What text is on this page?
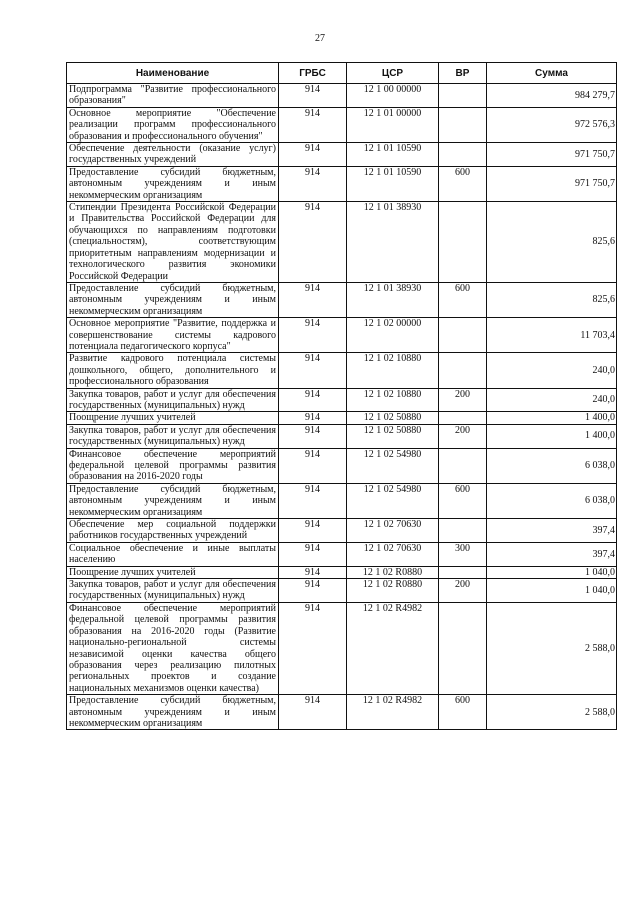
27
Наименование	ГРБС	ЦСР	ВР	Сумма
Подпрограмма "Развитие профессионального образования"	914	12 1 00 00000		984 279,7
Основное мероприятие "Обеспечение реализации программ профессионального образования и профессионального обучения"	914	12 1 01 00000		972 576,3
Обеспечение деятельности (оказание услуг) государственных учреждений	914	12 1 01 10590		971 750,7
Предоставление субсидий бюджетным, автономным учреждениям и иным некоммерческим организациям	914	12 1 01 10590	600	971 750,7
Стипендии Президента Российской Федерации и Правительства Российской Федерации для обучающихся по направлениям подготовки (специальностям), соответствующим приоритетным направлениям модернизации и технологического развития экономики Российской Федерации	914	12 1 01 38930		825,6
Предоставление субсидий бюджетным, автономным учреждениям и иным некоммерческим организациям	914	12 1 01 38930	600	825,6
Основное мероприятие "Развитие, поддержка и совершенствование системы кадрового потенциала педагогического корпуса"	914	12 1 02 00000		11 703,4
Развитие кадрового потенциала системы дошкольного, общего, дополнительного и профессионального образования	914	12 1 02 10880		240,0
Закупка товаров, работ и услуг для обеспечения государственных (муниципальных) нужд	914	12 1 02 10880	200	240,0
Поощрение лучших учителей	914	12 1 02 50880		1 400,0
Закупка товаров, работ и услуг для обеспечения государственных (муниципальных) нужд	914	12 1 02 50880	200	1 400,0
Финансовое обеспечение мероприятий федеральной целевой программы развития образования на 2016-2020 годы	914	12 1 02 54980		6 038,0
Предоставление субсидий бюджетным, автономным учреждениям и иным некоммерческим организациям	914	12 1 02 54980	600	6 038,0
Обеспечение мер социальной поддержки работников государственных учреждений	914	12 1 02 70630		397,4
Социальное обеспечение и иные выплаты населению	914	12 1 02 70630	300	397,4
Поощрение лучших учителей	914	12 1 02 R0880		1 040,0
Закупка товаров, работ и услуг для обеспечения государственных (муниципальных) нужд	914	12 1 02 R0880	200	1 040,0
Финансовое обеспечение мероприятий федеральной целевой программы развития образования на 2016-2020 годы (Развитие национально-региональной системы независимой оценки качества общего образования через реализацию пилотных региональных проектов и создание национальных механизмов оценки качества)	914	12 1 02 R4982		2 588,0
Предоставление субсидий бюджетным, автономным учреждениям и иным некоммерческим организациям	914	12 1 02 R4982	600	2 588,0
